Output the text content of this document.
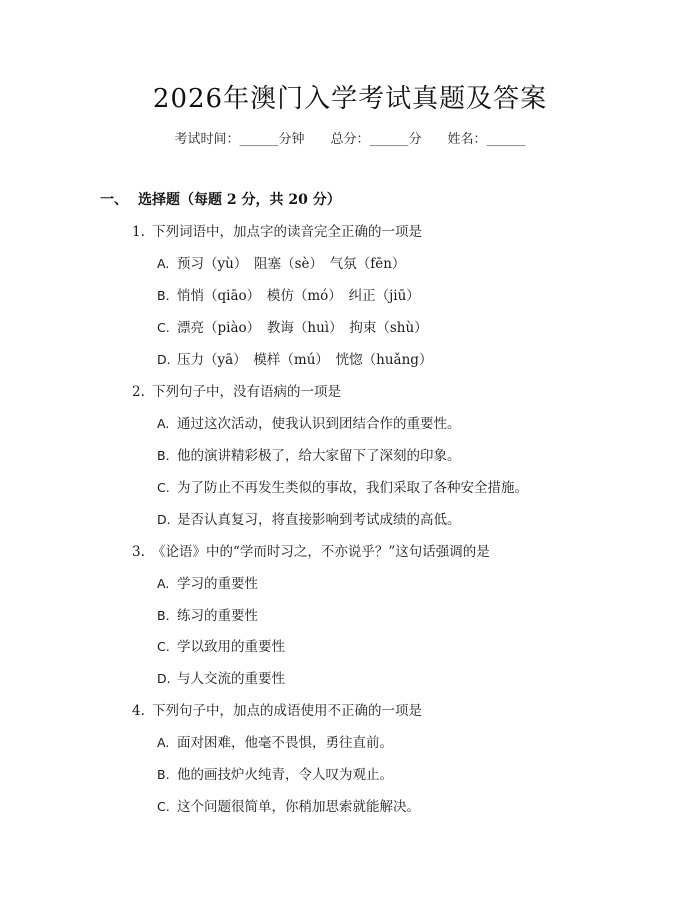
2026年澳门入学考试真题及答案
考试时间：______分钟 总分：______分 姓名：______
一、 选择题（每题 2 分，共 20 分）
1. 下列词语中，加点字的读音完全正确的一项是
A. 预习（yù）　阻塞（sè）　气氛（fēn）
B. 悄悄（qiāo）　模仿（mó）　纠正（jiū）
C. 漂亮（piào）　教诲（huì）　拘束（shù）
D. 压力（yā）　模样（mú）　恍惚（huǎng）
2. 下列句子中，没有语病的一项是
A. 通过这次活动，使我认识到团结合作的重要性。
B. 他的演讲精彩极了，给大家留下了深刻的印象。
C. 为了防止不再发生类似的事故，我们采取了各种安全措施。
D. 是否认真复习，将直接影响到考试成绩的高低。
3. 《论语》中的“学而时习之，不亦说乎？”这句话强调的是
A. 学习的重要性
B. 练习的重要性
C. 学以致用的重要性
D. 与人交流的重要性
4. 下列句子中，加点的成语使用不正确的一项是
A. 面对困难，他毫不畏惧，勇往直前。
B. 他的画技炉火纯青，令人叹为观止。
C. 这个问题很简单，你稍加思索就能解决。
